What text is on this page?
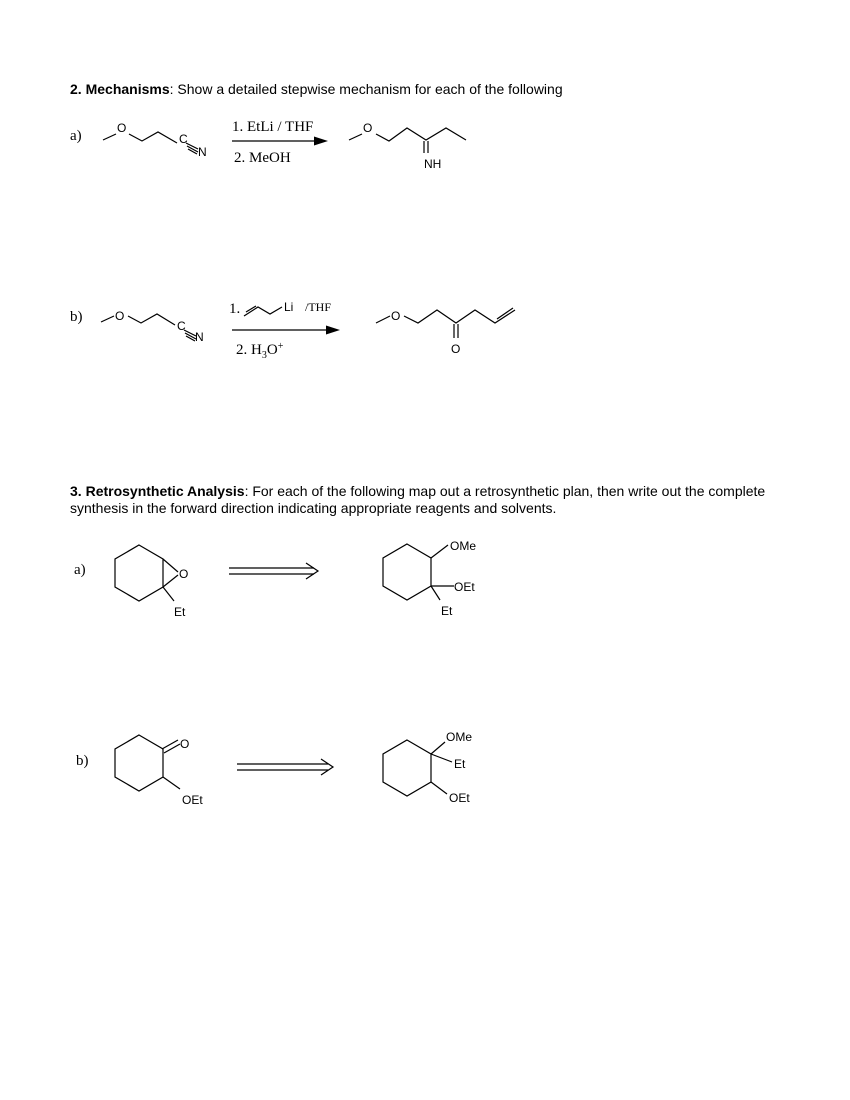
2. Mechanisms: Show a detailed stepwise mechanism for each of the following
a)	O
C
N
1. EtLi / THF
2. MeOH
O
NH
b)	O
C
N
1.	Li /THF
2. $H_3O^+$
O
O
3. Retrosynthetic Analysis: For each of the following map out a retrosynthetic plan, then write out the complete synthesis in the forward direction indicating appropriate reagents and solvents.
a)	O
Et
OMe
OEt
Et
b)
O
OEt
OMe
Et
OEt
